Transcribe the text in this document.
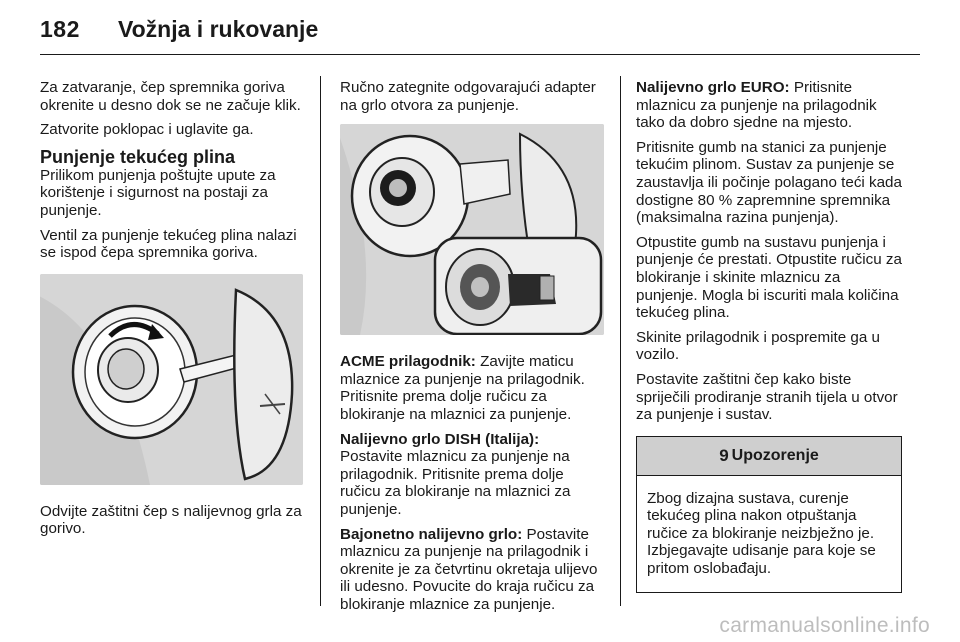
182 Vožnja i rukovanje

Za zatvaranje, čep spremnika goriva okrenite u desno dok se ne začuje klik.

Zatvorite poklopac i uglavite ga.

Punjenje tekućeg plina

Prilikom punjenja poštujte upute za korištenje i sigurnost na postaji za punjenje.

Ventil za punjenje tekućeg plina nalazi se ispod čepa spremnika goriva.

Odvijte zaštitni čep s nalijevnog grla za gorivo.

Ručno zategnite odgovarajući adapter na grlo otvora za punjenje.

ACME prilagodnik: Zavijte maticu mlaznice za punjenje na prilagodnik. Pritisnite prema dolje ručicu za blokiranje na mlaznici za punjenje.

Nalijevno grlo DISH (Italija): Postavite mlaznicu za punjenje na prilagodnik. Pritisnite prema dolje ručicu za blokiranje na mlaznici za punjenje.

Bajonetno nalijevno grlo: Postavite mlaznicu za punjenje na prilagodnik i okrenite je za četvrtinu okretaja ulijevo ili udesno. Povucite do kraja ručicu za blokiranje mlaznice za punjenje.

Nalijevno grlo EURO: Pritisnite mlaznicu za punjenje na prilagodnik tako da dobro sjedne na mjesto.

Pritisnite gumb na stanici za punjenje tekućim plinom. Sustav za punjenje se zaustavlja ili počinje polagano teći kada dostigne 80 % zapremnine spremnika (maksimalna razina punjenja).

Otpustite gumb na sustavu punjenja i punjenje će prestati. Otpustite ručicu za blokiranje i skinite mlaznicu za punjenje. Mogla bi iscuriti mala količina tekućeg plina.

Skinite prilagodnik i pospremite ga u vozilo.

Postavite zaštitni čep kako biste spriječili prodiranje stranih tijela u otvor za punjenje i sustav.

9 Upozorenje
Zbog dizajna sustava, curenje tekućeg plina nakon otpuštanja ručice za blokiranje neizbježno je. Izbjegavajte udisanje para koje se pritom oslobađaju.
carmanualsonline.info
